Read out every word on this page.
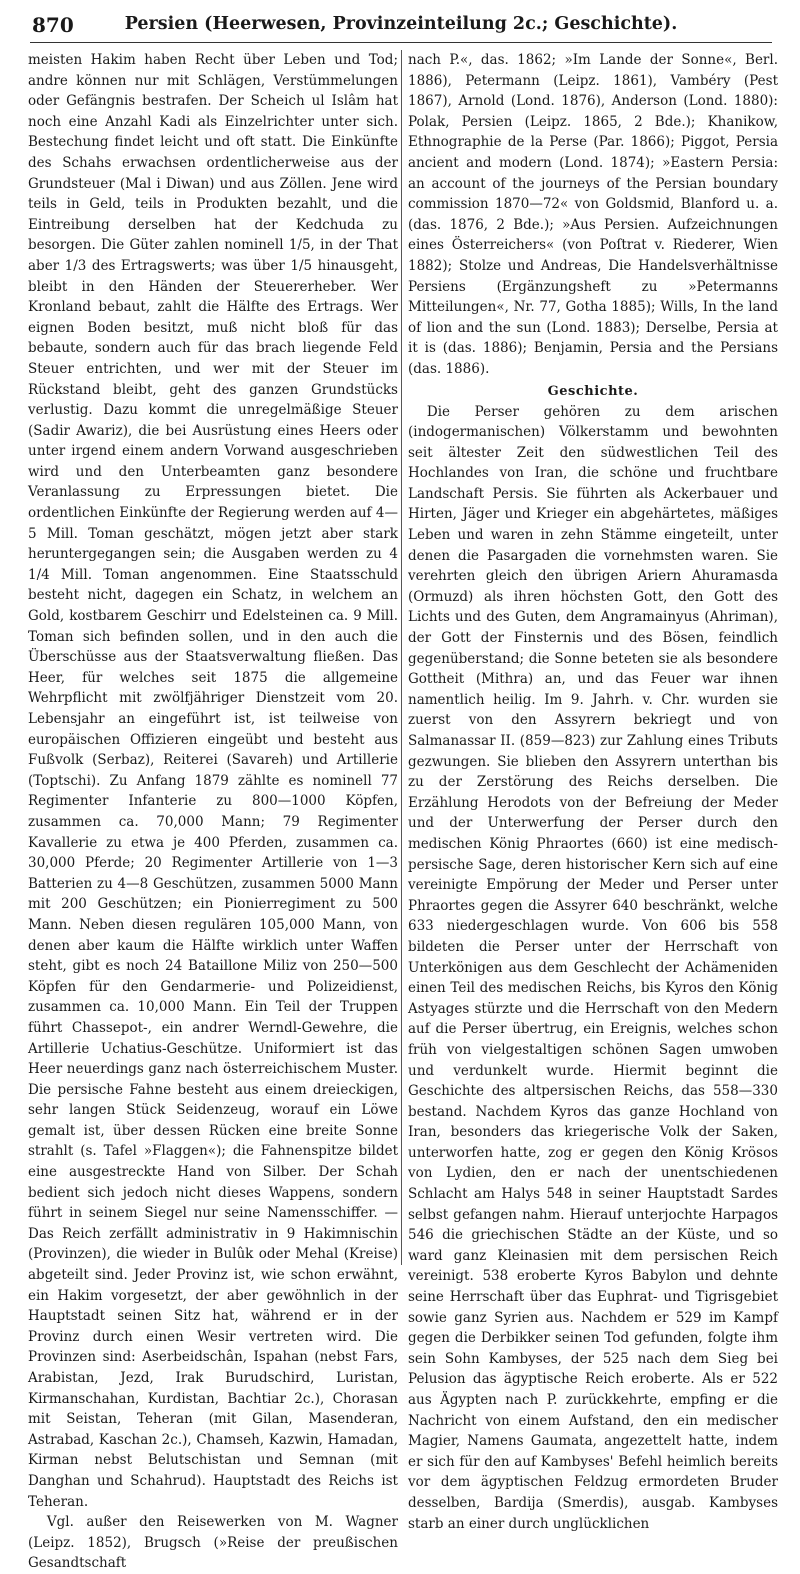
870	Persien (Heerwesen, Provinzeinteilung 2c.; Geschichte).

meisten Hakim haben Recht über Leben und Tod; andre können nur mit Schlägen, Verstümmelungen oder Gefängnis bestrafen. Der Scheich ul Islâm hat noch eine Anzahl Kadi als Einzelrichter unter sich. Bestechung findet leicht und oft statt. Die Einkünfte des Schahs erwachsen ordentlicherweise aus der Grundsteuer (Mal i Diwan) und aus Zöllen. Jene wird teils in Geld, teils in Produkten bezahlt, und die Eintreibung derselben hat der Kedchuda zu besorgen. Die Güter zahlen nominell 1/5, in der That aber 1/3 des Ertragswerts; was über 1/5 hinausgeht, bleibt in den Händen der Steuererheber. Wer Kronland bebaut, zahlt die Hälfte des Ertrags. Wer eignen Boden besitzt, muß nicht bloß für das bebaute, sondern auch für das brach liegende Feld Steuer entrichten, und wer mit der Steuer im Rückstand bleibt, geht des ganzen Grundstücks verlustig. Dazu kommt die unregelmäßige Steuer (Sadir Awariz), die bei Ausrüstung eines Heers oder unter irgend einem andern Vorwand ausgeschrieben wird und den Unterbeamten ganz besondere Veranlassung zu Erpressungen bietet. Die ordentlichen Einkünfte der Regierung werden auf 4—5 Mill. Toman geschätzt, mögen jetzt aber stark heruntergegangen sein; die Ausgaben werden zu 4 1/4 Mill. Toman angenommen. Eine Staatsschuld besteht nicht, dagegen ein Schatz, in welchem an Gold, kostbarem Geschirr und Edelsteinen ca. 9 Mill. Toman sich befinden sollen, und in den auch die Überschüsse aus der Staatsverwaltung fließen. Das Heer, für welches seit 1875 die allgemeine Wehrpflicht mit zwölfjähriger Dienstzeit vom 20. Lebensjahr an eingeführt ist, ist teilweise von europäischen Offizieren eingeübt und besteht aus Fußvolk (Serbaz), Reiterei (Savareh) und Artillerie (Toptschi). Zu Anfang 1879 zählte es nominell 77 Regimenter Infanterie zu 800—1000 Köpfen, zusammen ca. 70,000 Mann; 79 Regimenter Kavallerie zu etwa je 400 Pferden, zusammen ca. 30,000 Pferde; 20 Regimenter Artillerie von 1—3 Batterien zu 4—8 Geschützen, zusammen 5000 Mann mit 200 Geschützen; ein Pionierregiment zu 500 Mann. Neben diesen regulären 105,000 Mann, von denen aber kaum die Hälfte wirklich unter Waffen steht, gibt es noch 24 Bataillone Miliz von 250—500 Köpfen für den Gendarmerie- und Polizeidienst, zusammen ca. 10,000 Mann. Ein Teil der Truppen führt Chassepot-, ein andrer Werndl-Gewehre, die Artillerie Uchatius-Geschütze. Uniformiert ist das Heer neuerdings ganz nach österreichischem Muster. Die persische Fahne besteht aus einem dreieckigen, sehr langen Stück Seidenzeug, worauf ein Löwe gemalt ist, über dessen Rücken eine breite Sonne strahlt (s. Tafel »Flaggen«); die Fahnenspitze bildet eine ausgestreckte Hand von Silber. Der Schah bedient sich jedoch nicht dieses Wappens, sondern führt in seinem Siegel nur seine Namensschiffer. — Das Reich zerfällt administrativ in 9 Hakimnischin (Provinzen), die wieder in Bulûk oder Mehal (Kreise) abgeteilt sind. Jeder Provinz ist, wie schon erwähnt, ein Hakim vorgesetzt, der aber gewöhnlich in der Hauptstadt seinen Sitz hat, während er in der Provinz durch einen Wesir vertreten wird. Die Provinzen sind: Aserbeidschân, Ispahan (nebst Fars, Arabistan, Jezd, Irak Burudschird, Luristan, Kirmanschahan, Kurdistan, Bachtiar 2c.), Chorasan mit Seistan, Teheran (mit Gilan, Masenderan, Astrabad, Kaschan 2c.), Chamseh, Kazwin, Hamadan, Kirman nebst Belutschistan und Semnan (mit Danghan und Schahrud). Hauptstadt des Reichs ist Teheran.

Vgl. außer den Reisewerken von M. Wagner (Leipz. 1852), Brugsch (»Reise der preußischen Gesandtschaft

nach P.«, das. 1862; »Im Lande der Sonne«, Berl. 1886), Petermann (Leipz. 1861), Vambéry (Pest 1867), Arnold (Lond. 1876), Anderson (Lond. 1880): Polak, Persien (Leipz. 1865, 2 Bde.); Khanikow, Ethnographie de la Perse (Par. 1866); Piggot, Persia ancient and modern (Lond. 1874); »Eastern Persia: an account of the journeys of the Persian boundary commission 1870—72« von Goldsmid, Blanford u. a. (das. 1876, 2 Bde.); »Aus Persien. Aufzeichnungen eines Österreichers« (von Poſtrat v. Riederer, Wien 1882); Stolze und Andreas, Die Handelsverhältnisse Persiens (Ergänzungsheft zu »Petermanns Mitteilungen«, Nr. 77, Gotha 1885); Wills, In the land of lion and the sun (Lond. 1883); Derselbe, Persia at it is (das. 1886); Benjamin, Persia and the Persians (das. 1886).

Geschichte.

Die Perser gehören zu dem arischen (indogermanischen) Völkerstamm und bewohnten seit ältester Zeit den südwestlichen Teil des Hochlandes von Iran, die schöne und fruchtbare Landschaft Persis. Sie führten als Ackerbauer und Hirten, Jäger und Krieger ein abgehärtetes, mäßiges Leben und waren in zehn Stämme eingeteilt, unter denen die Pasargaden die vornehmsten waren. Sie verehrten gleich den übrigen Ariern Ahuramasda (Ormuzd) als ihren höchsten Gott, den Gott des Lichts und des Guten, dem Angramainyus (Ahriman), der Gott der Finsternis und des Bösen, feindlich gegenüberstand; die Sonne beteten sie als besondere Gottheit (Mithra) an, und das Feuer war ihnen namentlich heilig. Im 9. Jahrh. v. Chr. wurden sie zuerst von den Assyrern bekriegt und von Salmanassar II. (859—823) zur Zahlung eines Tributs gezwungen. Sie blieben den Assyrern unterthan bis zu der Zerstörung des Reichs derselben. Die Erzählung Herodots von der Befreiung der Meder und der Unterwerfung der Perser durch den medischen König Phraortes (660) ist eine medisch-persische Sage, deren historischer Kern sich auf eine vereinigte Empörung der Meder und Perser unter Phraortes gegen die Assyrer 640 beschränkt, welche 633 niedergeschlagen wurde. Von 606 bis 558 bildeten die Perser unter der Herrschaft von Unterkönigen aus dem Geschlecht der Achämeniden einen Teil des medischen Reichs, bis Kyros den König Astyages stürzte und die Herrschaft von den Medern auf die Perser übertrug, ein Ereignis, welches schon früh von vielgestaltigen schönen Sagen umwoben und verdunkelt wurde. Hiermit beginnt die Geschichte des altpersischen Reichs, das 558—330 bestand. Nachdem Kyros das ganze Hochland von Iran, besonders das kriegerische Volk der Saken, unterworfen hatte, zog er gegen den König Krösos von Lydien, den er nach der unentschiedenen Schlacht am Halys 548 in seiner Hauptstadt Sardes selbst gefangen nahm. Hierauf unterjochte Harpagos 546 die griechischen Städte an der Küste, und so ward ganz Kleinasien mit dem persischen Reich vereinigt. 538 eroberte Kyros Babylon und dehnte seine Herrschaft über das Euphrat- und Tigrisgebiet sowie ganz Syrien aus. Nachdem er 529 im Kampf gegen die Derbikker seinen Tod gefunden, folgte ihm sein Sohn Kambyses, der 525 nach dem Sieg bei Pelusion das ägyptische Reich eroberte. Als er 522 aus Ägypten nach P. zurückkehrte, empfing er die Nachricht von einem Aufstand, den ein medischer Magier, Namens Gaumata, angezettelt hatte, indem er sich für den auf Kambyses' Befehl heimlich bereits vor dem ägyptischen Feldzug ermordeten Bruder desselben, Bardija (Smerdis), ausgab. Kambyses starb an einer durch unglücklichen
